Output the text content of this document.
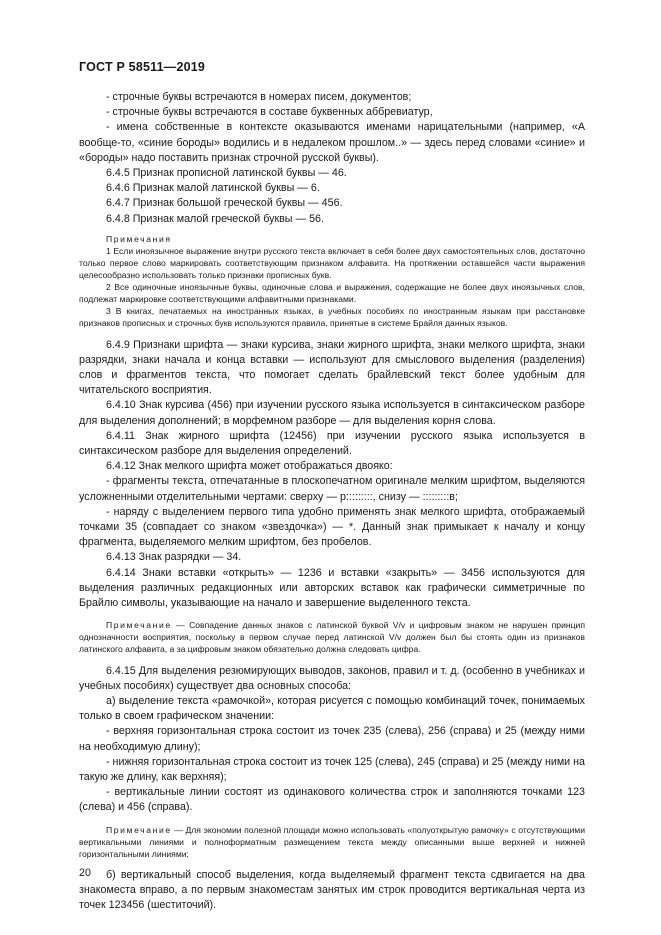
ГОСТ Р 58511—2019

- строчные буквы встречаются в номерах писем, документов;

- строчные буквы встречаются в составе буквенных аббревиатур,

- имена собственные в контексте оказываются именами нарицательными (например, «А вообще-то, «синие бороды» водились и в недалеком прошлом..» — здесь перед словами «синие» и «бороды» надо поставить признак строчной русской буквы).

6.4.5 Признак прописной латинской буквы — 46.

6.4.6 Признак малой латинской буквы — 6.

6.4.7 Признак большой греческой буквы — 456.

6.4.8 Признак малой греческой буквы — 56.

Примечания

1 Если иноязычное выражение внутри русского текста включает в себя более двух самостоятельных слов, достаточно только первое слово маркировать соответствующим признаком алфавита. На протяжении оставшейся части выражения целесообразно использовать только признаки прописных букв.

2 Все одиночные иноязычные буквы, одиночные слова и выражения, содержащие не более двух иноязычных слов, подлежат маркировке соответствующими алфавитными признаками.

3 В книгах, печатаемых на иностранных языках, в учебных пособиях по иностранным языкам при расстановке признаков прописных и строчных букв используются правила, принятые в системе Брайля данных языков.

6.4.9 Признаки шрифта — знаки курсива, знаки жирного шрифта, знаки мелкого шрифта, знаки разрядки, знаки начала и конца вставки — используют для смыслового выделения (разделения) слов и фрагментов текста, что помогает сделать брайлевский текст более удобным для читательского восприятия.

6.4.10 Знак курсива (456) при изучении русского языка используется в синтаксическом разборе для выделения дополнений; в морфемном разборе — для выделения корня слова.

6.4.11 Знак жирного шрифта (12456) при изучении русского языка используется в синтаксическом разборе для выделения определений.

6.4.12 Знак мелкого шрифта может отображаться двояко:

- фрагменты текста, отпечатанные в плоскопечатном оригинале мелким шрифтом, выделяются усложненными отделительными чертами: сверху — р:::::::::, снизу — :::::::::в;

- наряду с выделением первого типа удобно применять знак мелкого шрифта, отображаемый точками 35 (совпадает со знаком «звездочка») — *. Данный знак примыкает к началу и концу фрагмента, выделяемого мелким шрифтом, без пробелов.

6.4.13 Знак разрядки — 34.

6.4.14 Знаки вставки «открыть» — 1236 и вставки «закрыть» — 3456 используются для выделения различных редакционных или авторских вставок как графически симметричные по Брайлю символы, указывающие на начало и завершение выделенного текста.

Примечание — Совпадение данных знаков с латинской буквой V/v и цифровым знаком не нарушен принцип однозначности восприятия, поскольку в первом случае перед латинской V/v должен был бы стоять один из признаков латинского алфавита, а за цифровым знаком обязательно должна следовать цифра.

6.4.15 Для выделения резюмирующих выводов, законов, правил и т. д. (особенно в учебниках и учебных пособиях) существует два основных способа:

а) выделение текста «рамочкой», которая рисуется с помощью комбинаций точек, понимаемых только в своем графическом значении:

- верхняя горизонтальная строка состоит из точек 235 (слева), 256 (справа) и 25 (между ними на необходимую длину);

- нижняя горизонтальная строка состоит из точек 125 (слева), 245 (справа) и 25 (между ними на такую же длину, как верхняя);

- вертикальные линии состоят из одинакового количества строк и заполняются точками 123 (слева) и 456 (справа).

Примечание — Для экономии полезной площади можно использовать «полуоткрытую рамочку» с отсутствующими вертикальными линиями и полноформатным размещением текста между описанными выше верхней и нижней горизонтальными линиями;

б) вертикальный способ выделения, когда выделяемый фрагмент текста сдвигается на два знакоместа вправо, а по первым знакоместам занятых им строк проводится вертикальная черта из точек 123456 (шеститочий).

20
